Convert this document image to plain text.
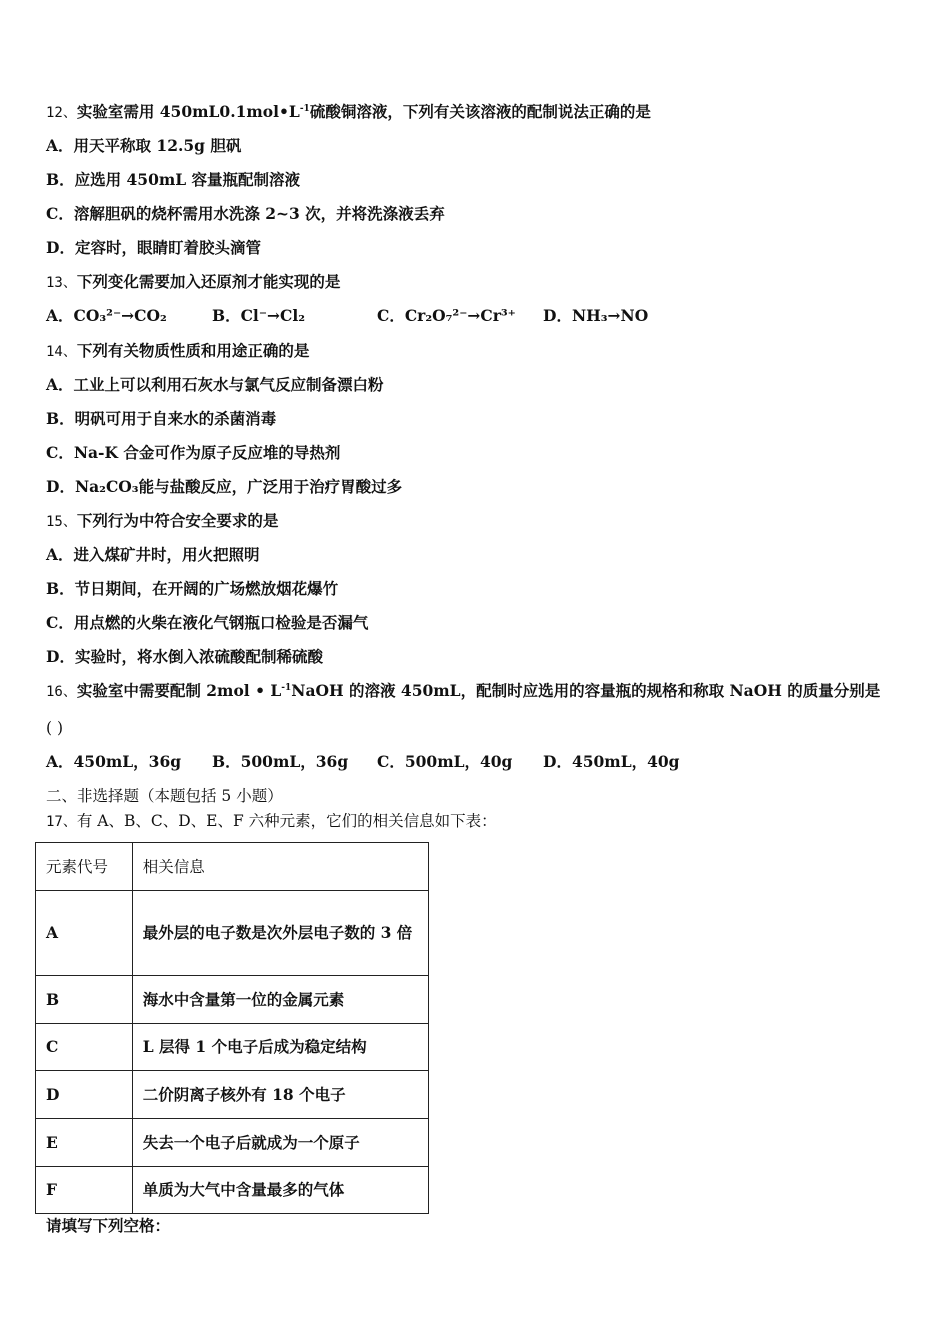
12、实验室需用 $450mL0.1mol•L^{-1}$硫酸铜溶液，下列有关该溶液的配制说法正确的是
A．用天平称取 12.5g 胆矾
B．应选用 450mL 容量瓶配制溶液
C．溶解胆矾的烧杯需用水洗涤 2~3 次，并将洗涤液丢弃
D．定容时，眼睛盯着胶头滴管
13、下列变化需要加入还原剂才能实现的是
A．CO₃²⁻→CO₂	B．Cl⁻→Cl₂	C．Cr₂O₇²⁻→Cr³⁺ D．NH₃→NO
14、下列有关物质性质和用途正确的是
A．工业上可以利用石灰水与氯气反应制备漂白粉
B．明矾可用于自来水的杀菌消毒
C．Na-K 合金可作为原子反应堆的导热剂
D．Na₂CO₃能与盐酸反应，广泛用于治疗胃酸过多
15、下列行为中符合安全要求的是
A．进入煤矿井时，用火把照明
B．节日期间，在开阔的广场燃放烟花爆竹
C．用点燃的火柴在液化气钢瓶口检验是否漏气
D．实验时，将水倒入浓硫酸配制稀硫酸
16、实验室中需要配制 2mol • $L^{-1}NaOH$ 的溶液 450mL，配制时应选用的容量瓶的规格和称取 NaOH 的质量分别是
( )
A．450mL，36g B．500mL，36g C．500mL，40g D．450mL，40g
二、非选择题（本题包括 5 小题）
17、有 A、B、C、D、E、F 六种元素，它们的相关信息如下表：
元素代号	相关信息
A	最外层的电子数是次外层电子数的 3 倍
B	海水中含量第一位的金属元素
C	L 层得 1 个电子后成为稳定结构
D	二价阴离子核外有 18 个电子
E	失去一个电子后就成为一个原子
F	单质为大气中含量最多的气体
请填写下列空格：
